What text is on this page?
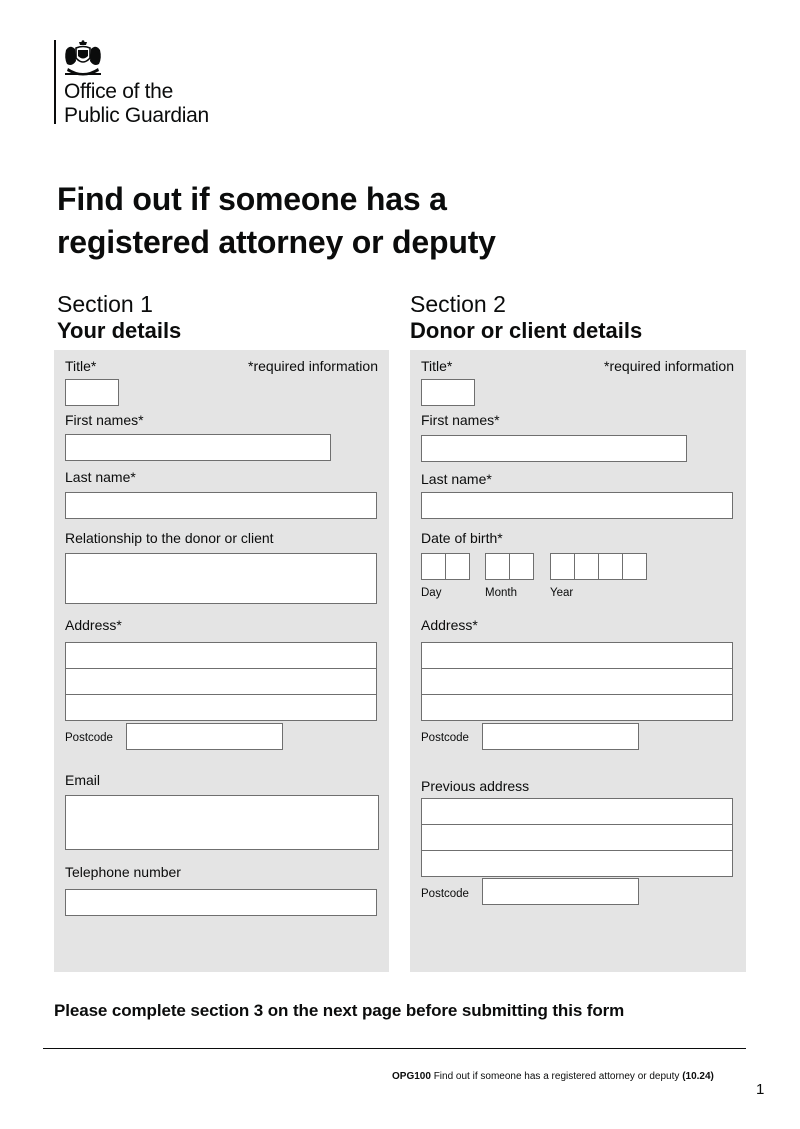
Office of the
Public Guardian
Find out if someone has a
registered attorney or deputy
Section 1
Your details
Section 2
Donor or client details
Title*	*required information
First names*
Last name*
Relationship to the donor or client
Address*
Postcode
Email
Telephone number
Title*	*required information
First names*
Last name*
Date of birth*
Day	Month	Year
Address*
Postcode
Previous address
Postcode
Please complete section 3 on the next page before submitting this form
OPG100 Find out if someone has a registered attorney or deputy (10.24)
1
